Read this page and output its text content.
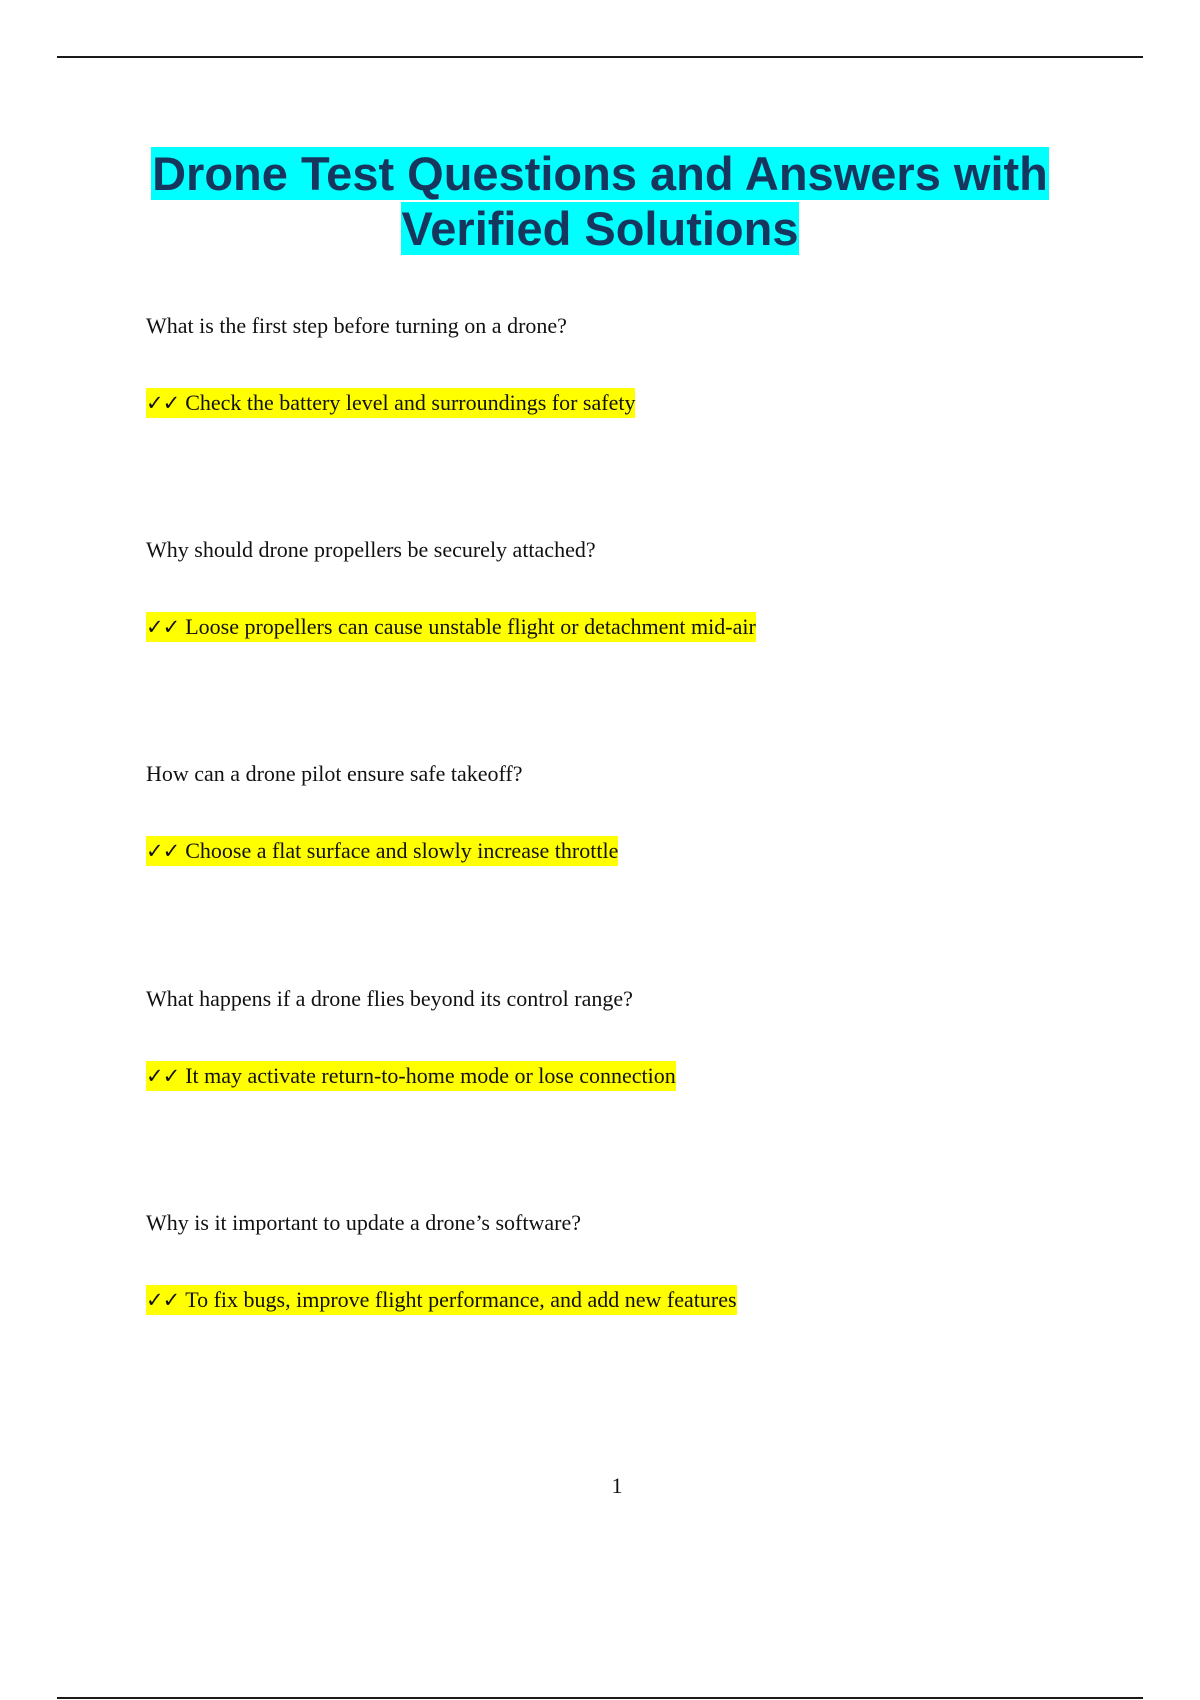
Drone Test Questions and Answers with
Verified Solutions

What is the first step before turning on a drone?

✓✓ Check the battery level and surroundings for safety

Why should drone propellers be securely attached?

✓✓ Loose propellers can cause unstable flight or detachment mid-air

How can a drone pilot ensure safe takeoff?

✓✓ Choose a flat surface and slowly increase throttle

What happens if a drone flies beyond its control range?

✓✓ It may activate return-to-home mode or lose connection

Why is it important to update a drone’s software?

✓✓ To fix bugs, improve flight performance, and add new features
1
